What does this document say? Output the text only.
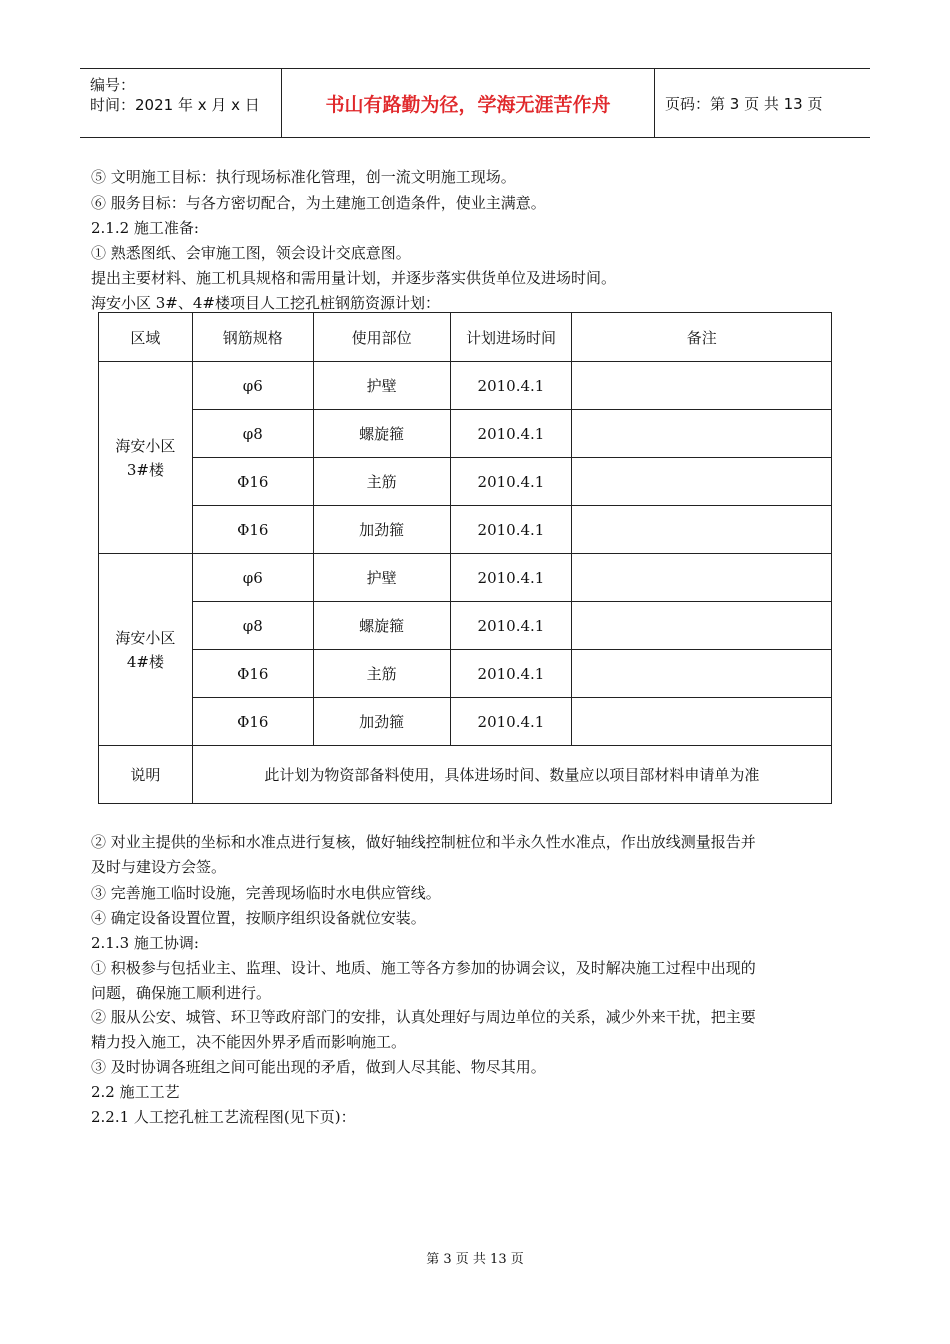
编号：
时间：2021 年 x 月 x 日	书山有路勤为径，学海无涯苦作舟	页码：第 3 页 共 13 页
⑤ 文明施工目标：执行现场标准化管理，创一流文明施工现场。
⑥ 服务目标：与各方密切配合，为土建施工创造条件，使业主满意。
2.1.2 施工准备:
① 熟悉图纸、会审施工图，领会设计交底意图。
提出主要材料、施工机具规格和需用量计划，并逐步落实供货单位及进场时间。
海安小区 3#、4#楼项目人工挖孔桩钢筋资源计划：
区域	钢筋规格	使用部位	计划进场时间	备注

海安小区
3#楼	φ6	护壁	2010.4.1	
	φ8	螺旋箍	2010.4.1	
	Φ16	主筋	2010.4.1	
	Φ16	加劲箍	2010.4.1	

海安小区
4#楼	φ6	护壁	2010.4.1	
	φ8	螺旋箍	2010.4.1	
	Φ16	主筋	2010.4.1	
	Φ16	加劲箍	2010.4.1	
说明	此计划为物资部备料使用，具体进场时间、数量应以项目部材料申请单为准			
② 对业主提供的坐标和水准点进行复核，做好轴线控制桩位和半永久性水准点，作出放线测量报告并
及时与建设方会签。
③ 完善施工临时设施，完善现场临时水电供应管线。
④ 确定设备设置位置，按顺序组织设备就位安装。
2.1.3 施工协调:
① 积极参与包括业主、监理、设计、地质、施工等各方参加的协调会议，及时解决施工过程中出现的
问题，确保施工顺利进行。
② 服从公安、城管、环卫等政府部门的安排，认真处理好与周边单位的关系，减少外来干扰，把主要
精力投入施工，决不能因外界矛盾而影响施工。
③ 及时协调各班组之间可能出现的矛盾，做到人尽其能、物尽其用。
2.2 施工工艺
2.2.1 人工挖孔桩工艺流程图(见下页)：
第 3 页 共 13 页
